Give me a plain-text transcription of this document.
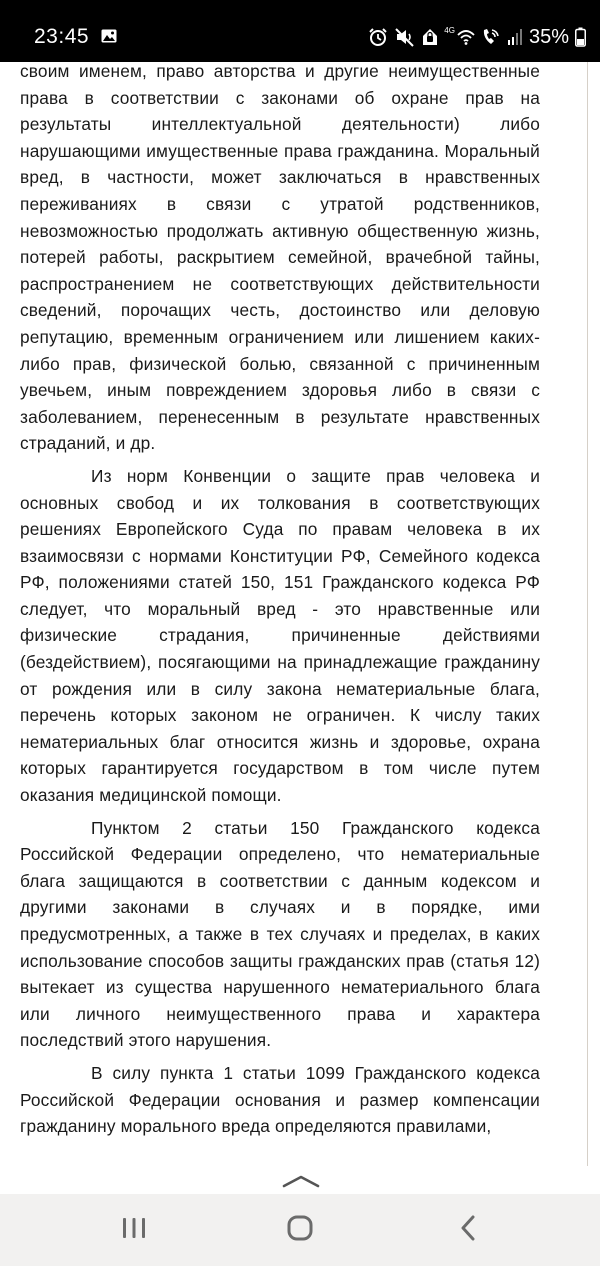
23:45	4G	35%

своим именем, право авторства и другие неимущественные права в соответствии с законами об охране прав на результаты интеллектуальной деятельности) либо нарушающими имущественные права гражданина. Моральный вред, в частности, может заключаться в нравственных переживаниях в связи с утратой родственников, невозможностью продолжать активную общественную жизнь, потерей работы, раскрытием семейной, врачебной тайны, распространением не соответствующих действительности сведений, порочащих честь, достоинство или деловую репутацию, временным ограничением или лишением каких-либо прав, физической болью, связанной с причиненным увечьем, иным повреждением здоровья либо в связи с заболеванием, перенесенным в результате нравственных страданий, и др.

Из норм Конвенции о защите прав человека и основных свобод и их толкования в соответствующих решениях Европейского Суда по правам человека в их взаимосвязи с нормами Конституции РФ, Семейного кодекса РФ, положениями статей 150, 151 Гражданского кодекса РФ следует, что моральный вред - это нравственные или физические страдания, причиненные действиями (бездействием), посягающими на принадлежащие гражданину от рождения или в силу закона нематериальные блага, перечень которых законом не ограничен. К числу таких нематериальных благ относится жизнь и здоровье, охрана которых гарантируется государством в том числе путем оказания медицинской помощи.

Пунктом 2 статьи 150 Гражданского кодекса Российской Федерации определено, что нематериальные блага защищаются в соответствии с данным кодексом и другими законами в случаях и в порядке, ими предусмотренных, а также в тех случаях и пределах, в каких использование способов защиты гражданских прав (статья 12) вытекает из существа нарушенного нематериального блага или личного неимущественного права и характера последствий этого нарушения.

В силу пункта 1 статьи 1099 Гражданского кодекса Российской Федерации основания и размер компенсации гражданину морального вреда определяются правилами,
